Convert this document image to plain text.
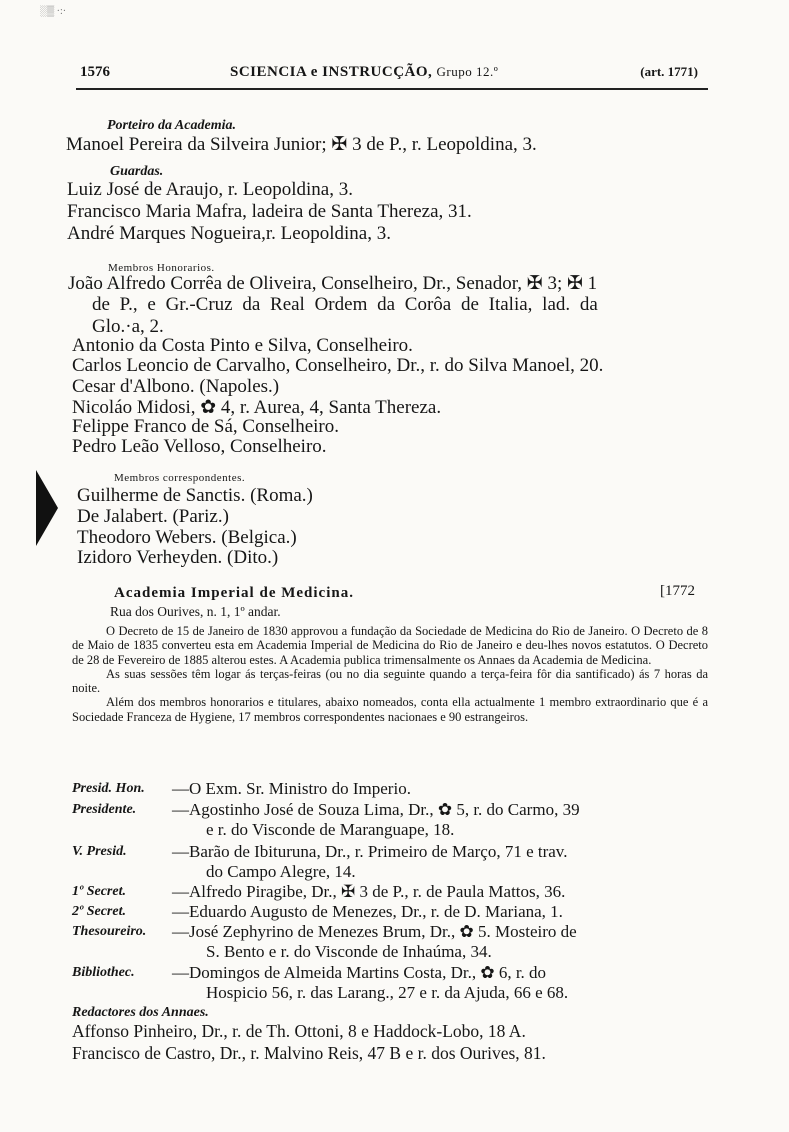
░▒ ·:·
1576	SCIENCIA e INSTRUCÇÃO, Grupo 12.º	(art. 1771)
Porteiro da Academia.
Manoel Pereira da Silveira Junior; ✠ 3 de P., r. Leopoldina, 3.
Guardas.
Luiz José de Araujo, r. Leopoldina, 3.
Francisco Maria Mafra, ladeira de Santa Thereza, 31.
André Marques Nogueira,r. Leopoldina, 3.
Membros Honorarios.
João Alfredo Corrêa de Oliveira, Conselheiro, Dr., Senador, ✠ 3; ✠ 1
de P., e Gr.-Cruz da Real Ordem da Corôa de Italia, lad. da
Glo.·a, 2.
Antonio da Costa Pinto e Silva, Conselheiro.
Carlos Leoncio de Carvalho, Conselheiro, Dr., r. do Silva Manoel, 20.
Cesar d'Albono. (Napoles.)
Nicoláo Midosi, ✿ 4, r. Aurea, 4, Santa Thereza.
Felippe Franco de Sá, Conselheiro.
Pedro Leão Velloso, Conselheiro.
Membros correspondentes.
Guilherme de Sanctis. (Roma.)
De Jalabert. (Pariz.)
Theodoro Webers. (Belgica.)
Izidoro Verheyden. (Dito.)
Academia Imperial de Medicina.	[1772
Rua dos Ourives, n. 1, 1º andar.

O Decreto de 15 de Janeiro de 1830 approvou a fundação da Sociedade de Medicina do Rio de Janeiro. O Decreto de 8 de Maio de 1835 converteu esta em Academia Imperial de Medicina do Rio de Janeiro e deu-lhes novos estatutos. O Decreto de 28 de Fevereiro de 1885 alterou estes. A Academia publica trimensalmente os Annaes da Academia de Medicina.

As suas sessões têm logar ás terças-feiras (ou no dia seguinte quando a terça-feira fôr dia santificado) ás 7 horas da noite.

Além dos membros honorarios e titulares, abaixo nomeados, conta ella actualmente 1 membro extraordinario que é a Sociedade Franceza de Hygiene, 17 membros correspondentes nacionaes e 90 estrangeiros.

Presid. Hon. —O Exm. Sr. Ministro do Imperio.
Presidente. —Agostinho José de Souza Lima, Dr., ✿ 5, r. do Carmo, 39
e r. do Visconde de Maranguape, 18.
V. Presid.	—Barão de Ibituruna, Dr., r. Primeiro de Março, 71 e trav.
do Campo Alegre, 14.
1º Secret.	—Alfredo Piragibe, Dr., ✠ 3 de P., r. de Paula Mattos, 36.
2º Secret.	—Eduardo Augusto de Menezes, Dr., r. de D. Mariana, 1.
Thesoureiro. —José Zephyrino de Menezes Brum, Dr., ✿ 5. Mosteiro de
S. Bento e r. do Visconde de Inhaúma, 34.
Bibliothec. —Domingos de Almeida Martins Costa, Dr., ✿ 6, r. do
Hospicio 56, r. das Larang., 27 e r. da Ajuda, 66 e 68.
Redactores dos Annaes.
Affonso Pinheiro, Dr., r. de Th. Ottoni, 8 e Haddock-Lobo, 18 A.
Francisco de Castro, Dr., r. Malvino Reis, 47 B e r. dos Ourives, 81.
